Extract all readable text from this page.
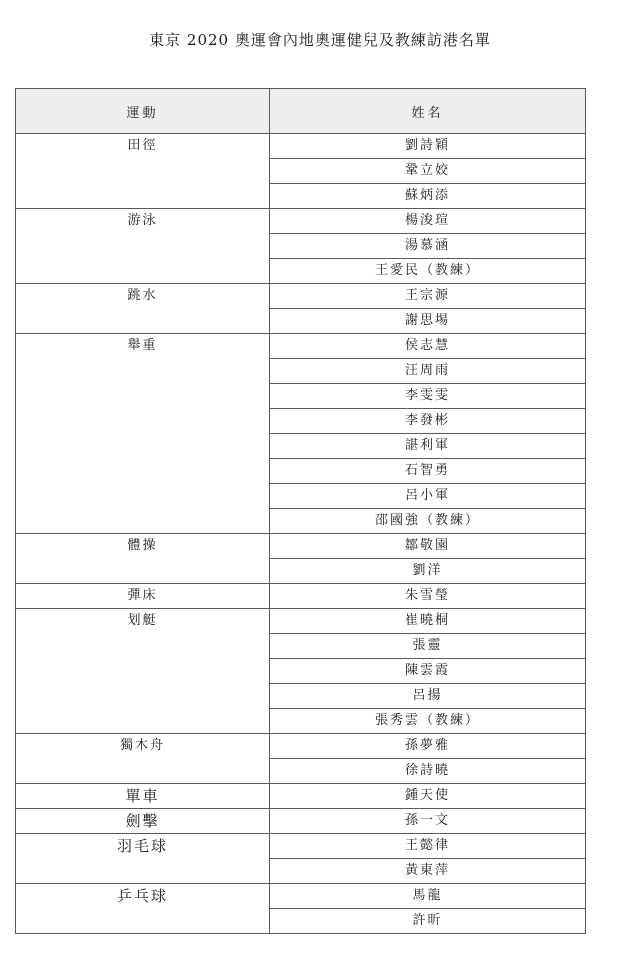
東京 2020 奧運會內地奧運健兒及教練訪港名單
運動	姓名
田徑	劉詩穎
	鞏立姣
	蘇炳添
游泳	楊浚瑄
	湯慕涵
	王愛民（教練）
跳水	王宗源
	謝思埸
舉重	侯志慧
	汪周雨
	李雯雯
	李發彬
	諶利軍
	石智勇
	呂小軍
	邵國強（教練）
體操	鄒敬園
	劉洋
彈床	朱雪瑩
划艇	崔曉桐
	張靈
	陳雲霞
	呂揚
	張秀雲（教練）
獨木舟	孫夢雅
	徐詩曉
單車	鍾天使
劍擊	孫一文
羽毛球	王懿律
	黃東萍
乒乓球	馬龍
	許昕
